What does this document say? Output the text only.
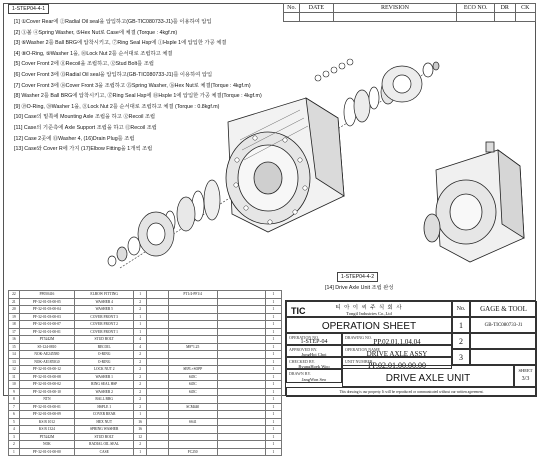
No.	DATE	REVISION	ECO NO.	DR	CK

1-STEP04-4-1
1-STEP04-4-2
[1] ①Cover Rear에 ②Radial Oil seal을 압입하고(GB-TIC080733-J1)를 이용하여 압입
[2] ③볼 ④Spring Washer, ⑤Hex Nut로 Case에 체결 (Torque : 4kgf.m)
[3] ⑥Washer 2를 Ball BRG에 압착시키고, ⑦Ring Seal Hsp에 ①Hsple 1에 압입한 가공 체결
[4] ⑧O-Ring, ⑨Washer 1을, ⑩Lock Nut 2를 순서대로 조립하고 체결
[5] Cover Front 2에 ⑪Recoil을 조립하고, ⑫Stud Bolt를 조립
[6] Cover Front 3에 ⑬Radial Oil seal을 압입하고(GB-TIC080733-J1)를 이용하여 압입
[7] Cover Front 3에 ⑭Cover Front 3을 조립하고 ⑮Spring Washer, ⑯Hex Nut로 체결(Torque : 4kgf.m)
[8] Washer 2를 Ball BRG에 압착시키고, ⑰Ring Seal Hsp에 ⑱Hsple 1에 압입한 가공 체결(Torque : 4kgf.m)
[9] ⑲O-Ring, ⑳Washer 1을, ㉑Lock Nut 2를 순서대로 조립하고 체결 (Torque : 0.8kgf.m)
[10] Case의 밑쪽에 Mounting Axle 조립을 하고 ⑫Recoil 조립
[11] Case의 기준측에 Axle Support 조립을 하고 ⑫Recoil 조립
[12] Case 2곳에 ⑬Washer 4, (16)Drain Plug를 조립
[13] Case와 Cover R에 가지 (17)Elbow Fitting을 1개씩 조립
[14] Drive Axle Unit 조립 완성
22	PF050416	ELBOW FITTING	1		PT1/4-PF1/4		1
21	PF-32-01-03-00-05	WASHER 4	2				1
20	PF-32-01-03-00-04	WASHER 5	2				1
19	PF-32-01-03-00-03	COVER FRONT 3	1				1
18	PF-32-01-01-00-07	COVER FRONT 2	1				1
17	PF-32-01-01-00-01	COVER FRONT 1	1				1
16	PT5242M	STUD BOLT	4				1
15	S5-124-0810	RECOIL	4		M8*1.25		1
14	NOK-AE2455E0	O-RING	2				1
13	NOK-AE1855G0	O-RING	2				1
12	PF-32-01-03-00-12	LOCK NUT 2	2		SEPL+SOPP		1
11	PF-32-01-03-00-08	WASHER 1	2		S45C		1
10	PF-32-01-03-00-02	RING SEAL HSP	2		S45C		1
9	PF-32-01-03-00-10	WASHER 2	2		S45C		1
8	NTN	BALL BRG	2				1
7	PF-32-01-03-00-01	HSPLE 1	2		SCM440		1
6	PF-32-01-03-00-09	COVER REAR	1				1
5	KS B 1012	HEX NUT	16		SS41		1
4	KS B 1324	SPRING WASHER	16				1
3	PT5242M	STUD BOLT	12				1
2	NOK	RADIAL OIL SEAL	2				1
1	PF-32-01-01-00-00	CASE	1		FC250		1
티 아 이 씨 주 식 회 사
TIC	Tongil Industries Co.,Ltd
OPERATION SHEET
No.	GAGE & TOOL
1	GB-TIC080733-J1
2
3
OPERATION NO.
1-STEP-04
DRAWING NO.
PP.02.01.1.04.04
APPROVED BY.
JungHoi Choi
OPERATION NAME
DRIVE AXLE ASSY
CHECKED BY.
ByungHoek Woo
UNIT NUMBER
PP.02.01.00.00.00
DRAWN BY.
JangWon Seo	DRIVE AXLE UNIT
SHEET
3/3
This drawing is our property. It will be reproduced or communicated without our written agreement.
